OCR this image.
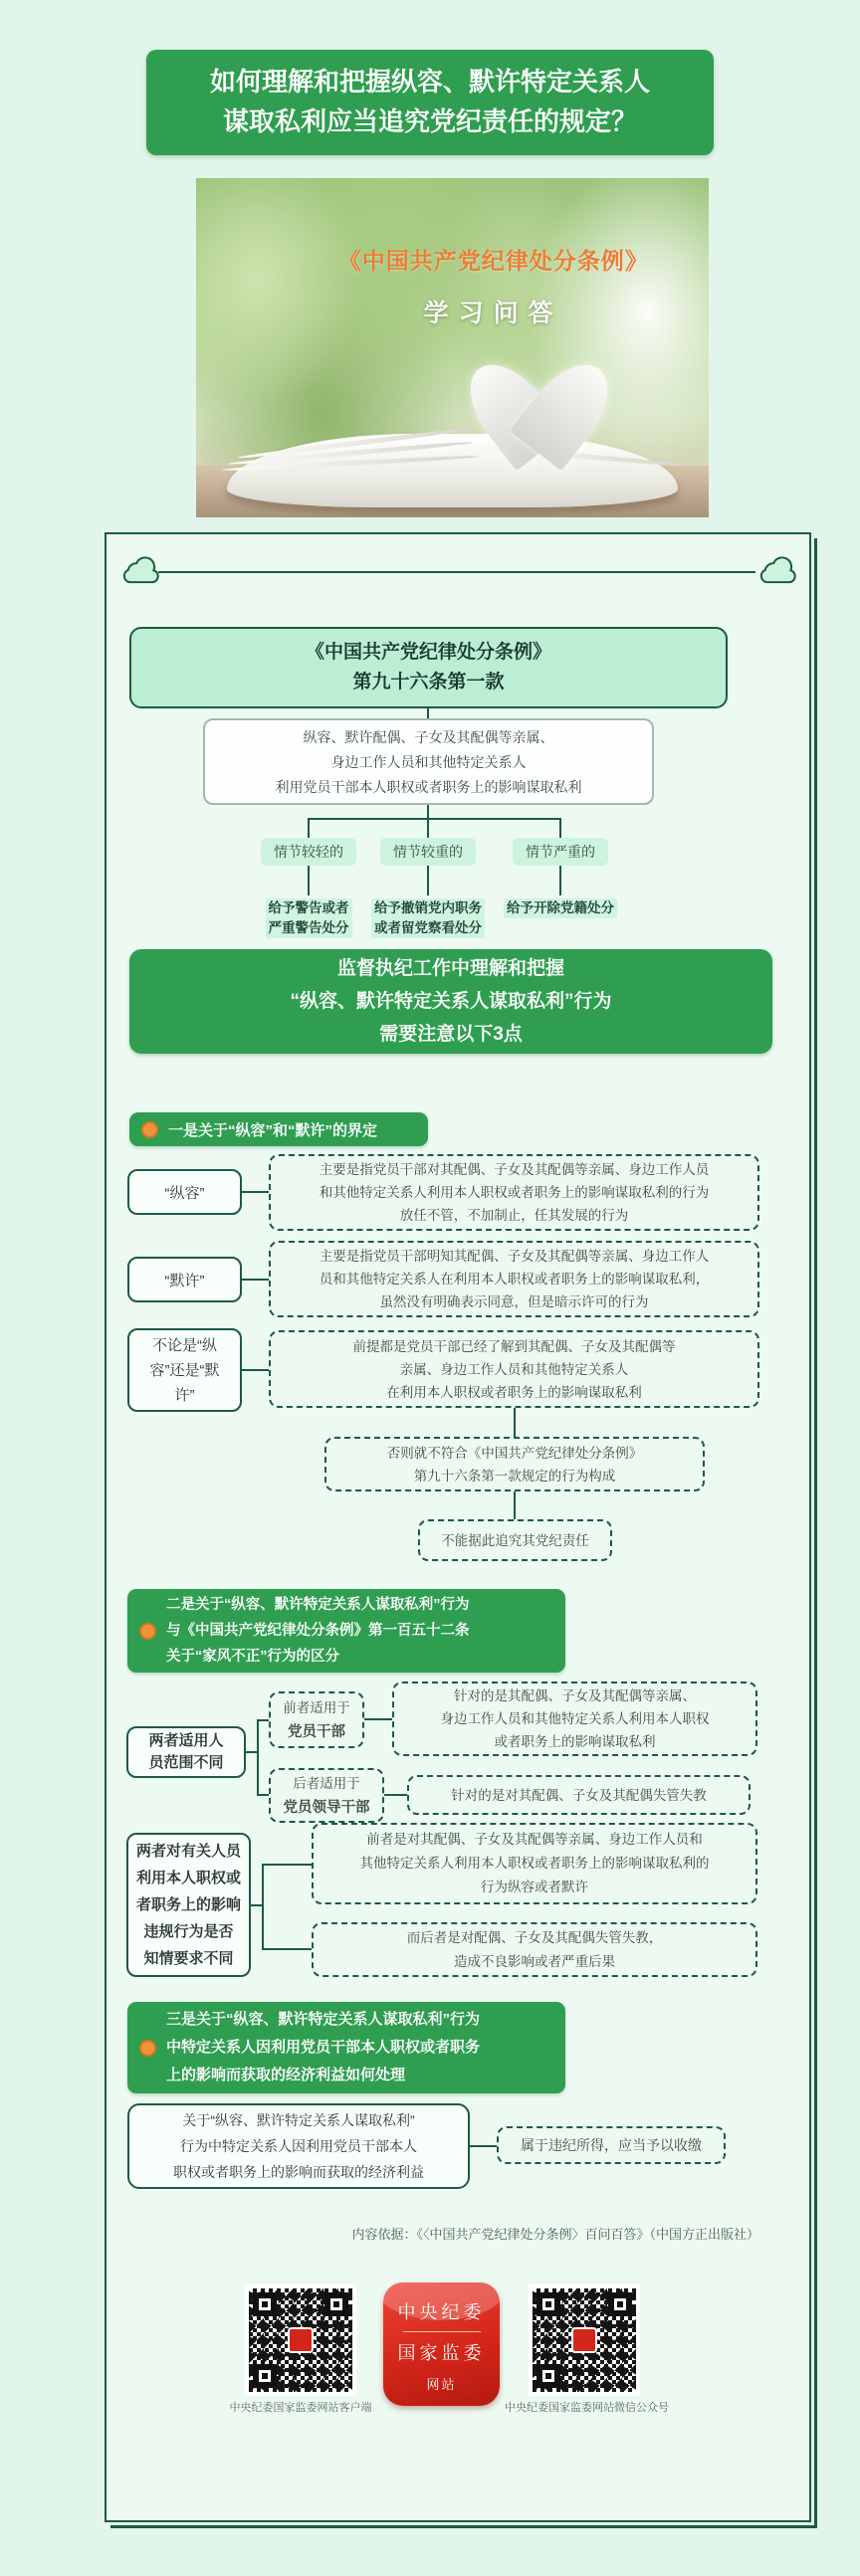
如何理解和把握纵容、默许特定关系人
谋取私利应当追究党纪责任的规定？
《中国共产党纪律处分条例》
学习问答
《中国共产党纪律处分条例》
第九十六条第一款
纵容、默许配偶、子女及其配偶等亲属、
身边工作人员和其他特定关系人
利用党员干部本人职权或者职务上的影响谋取私利
情节较轻的	情节较重的	情节严重的
给予警告或者
严重警告处分
给予撤销党内职务
或者留党察看处分
给予开除党籍处分
监督执纪工作中理解和把握
“纵容、默许特定关系人谋取私利”行为
需要注意以下3点
一是关于“纵容”和“默许”的界定
“纵容”
主要是指党员干部对其配偶、子女及其配偶等亲属、身边工作人员
和其他特定关系人利用本人职权或者职务上的影响谋取私利的行为
放任不管，不加制止，任其发展的行为
“默许”
主要是指党员干部明知其配偶、子女及其配偶等亲属、身边工作人
员和其他特定关系人在利用本人职权或者职务上的影响谋取私利，
虽然没有明确表示同意，但是暗示许可的行为
不论是“纵
容”还是“默
许”
前提都是党员干部已经了解到其配偶、子女及其配偶等
亲属、身边工作人员和其他特定关系人
在利用本人职权或者职务上的影响谋取私利
否则就不符合《中国共产党纪律处分条例》
第九十六条第一款规定的行为构成
不能据此追究其党纪责任
二是关于“纵容、默许特定关系人谋取私利”行为
与《中国共产党纪律处分条例》第一百五十二条
关于“家风不正”行为的区分
两者适用人
员范围不同
前者适用于
党员干部
针对的是其配偶、子女及其配偶等亲属、
身边工作人员和其他特定关系人利用本人职权
或者职务上的影响谋取私利
后者适用于
党员领导干部
针对的是对其配偶、子女及其配偶失管失教
两者对有关人员
利用本人职权或
者职务上的影响
违规行为是否
知情要求不同
前者是对其配偶、子女及其配偶等亲属、身边工作人员和
其他特定关系人利用本人职权或者职务上的影响谋取私利的
行为纵容或者默许
而后者是对配偶、子女及其配偶失管失教，
造成不良影响或者严重后果
三是关于“纵容、默许特定关系人谋取私利”行为
中特定关系人因利用党员干部本人职权或者职务
上的影响而获取的经济利益如何处理
关于“纵容、默许特定关系人谋取私利”
行为中特定关系人因利用党员干部本人
职权或者职务上的影响而获取的经济利益
属于违纪所得，应当予以收缴
内容依据：《〈中国共产党纪律处分条例〉百问百答》（中国方正出版社）
中央纪委国家监委网站客户端
中央纪委
国家监委
网站
中央纪委国家监委网站微信公众号
